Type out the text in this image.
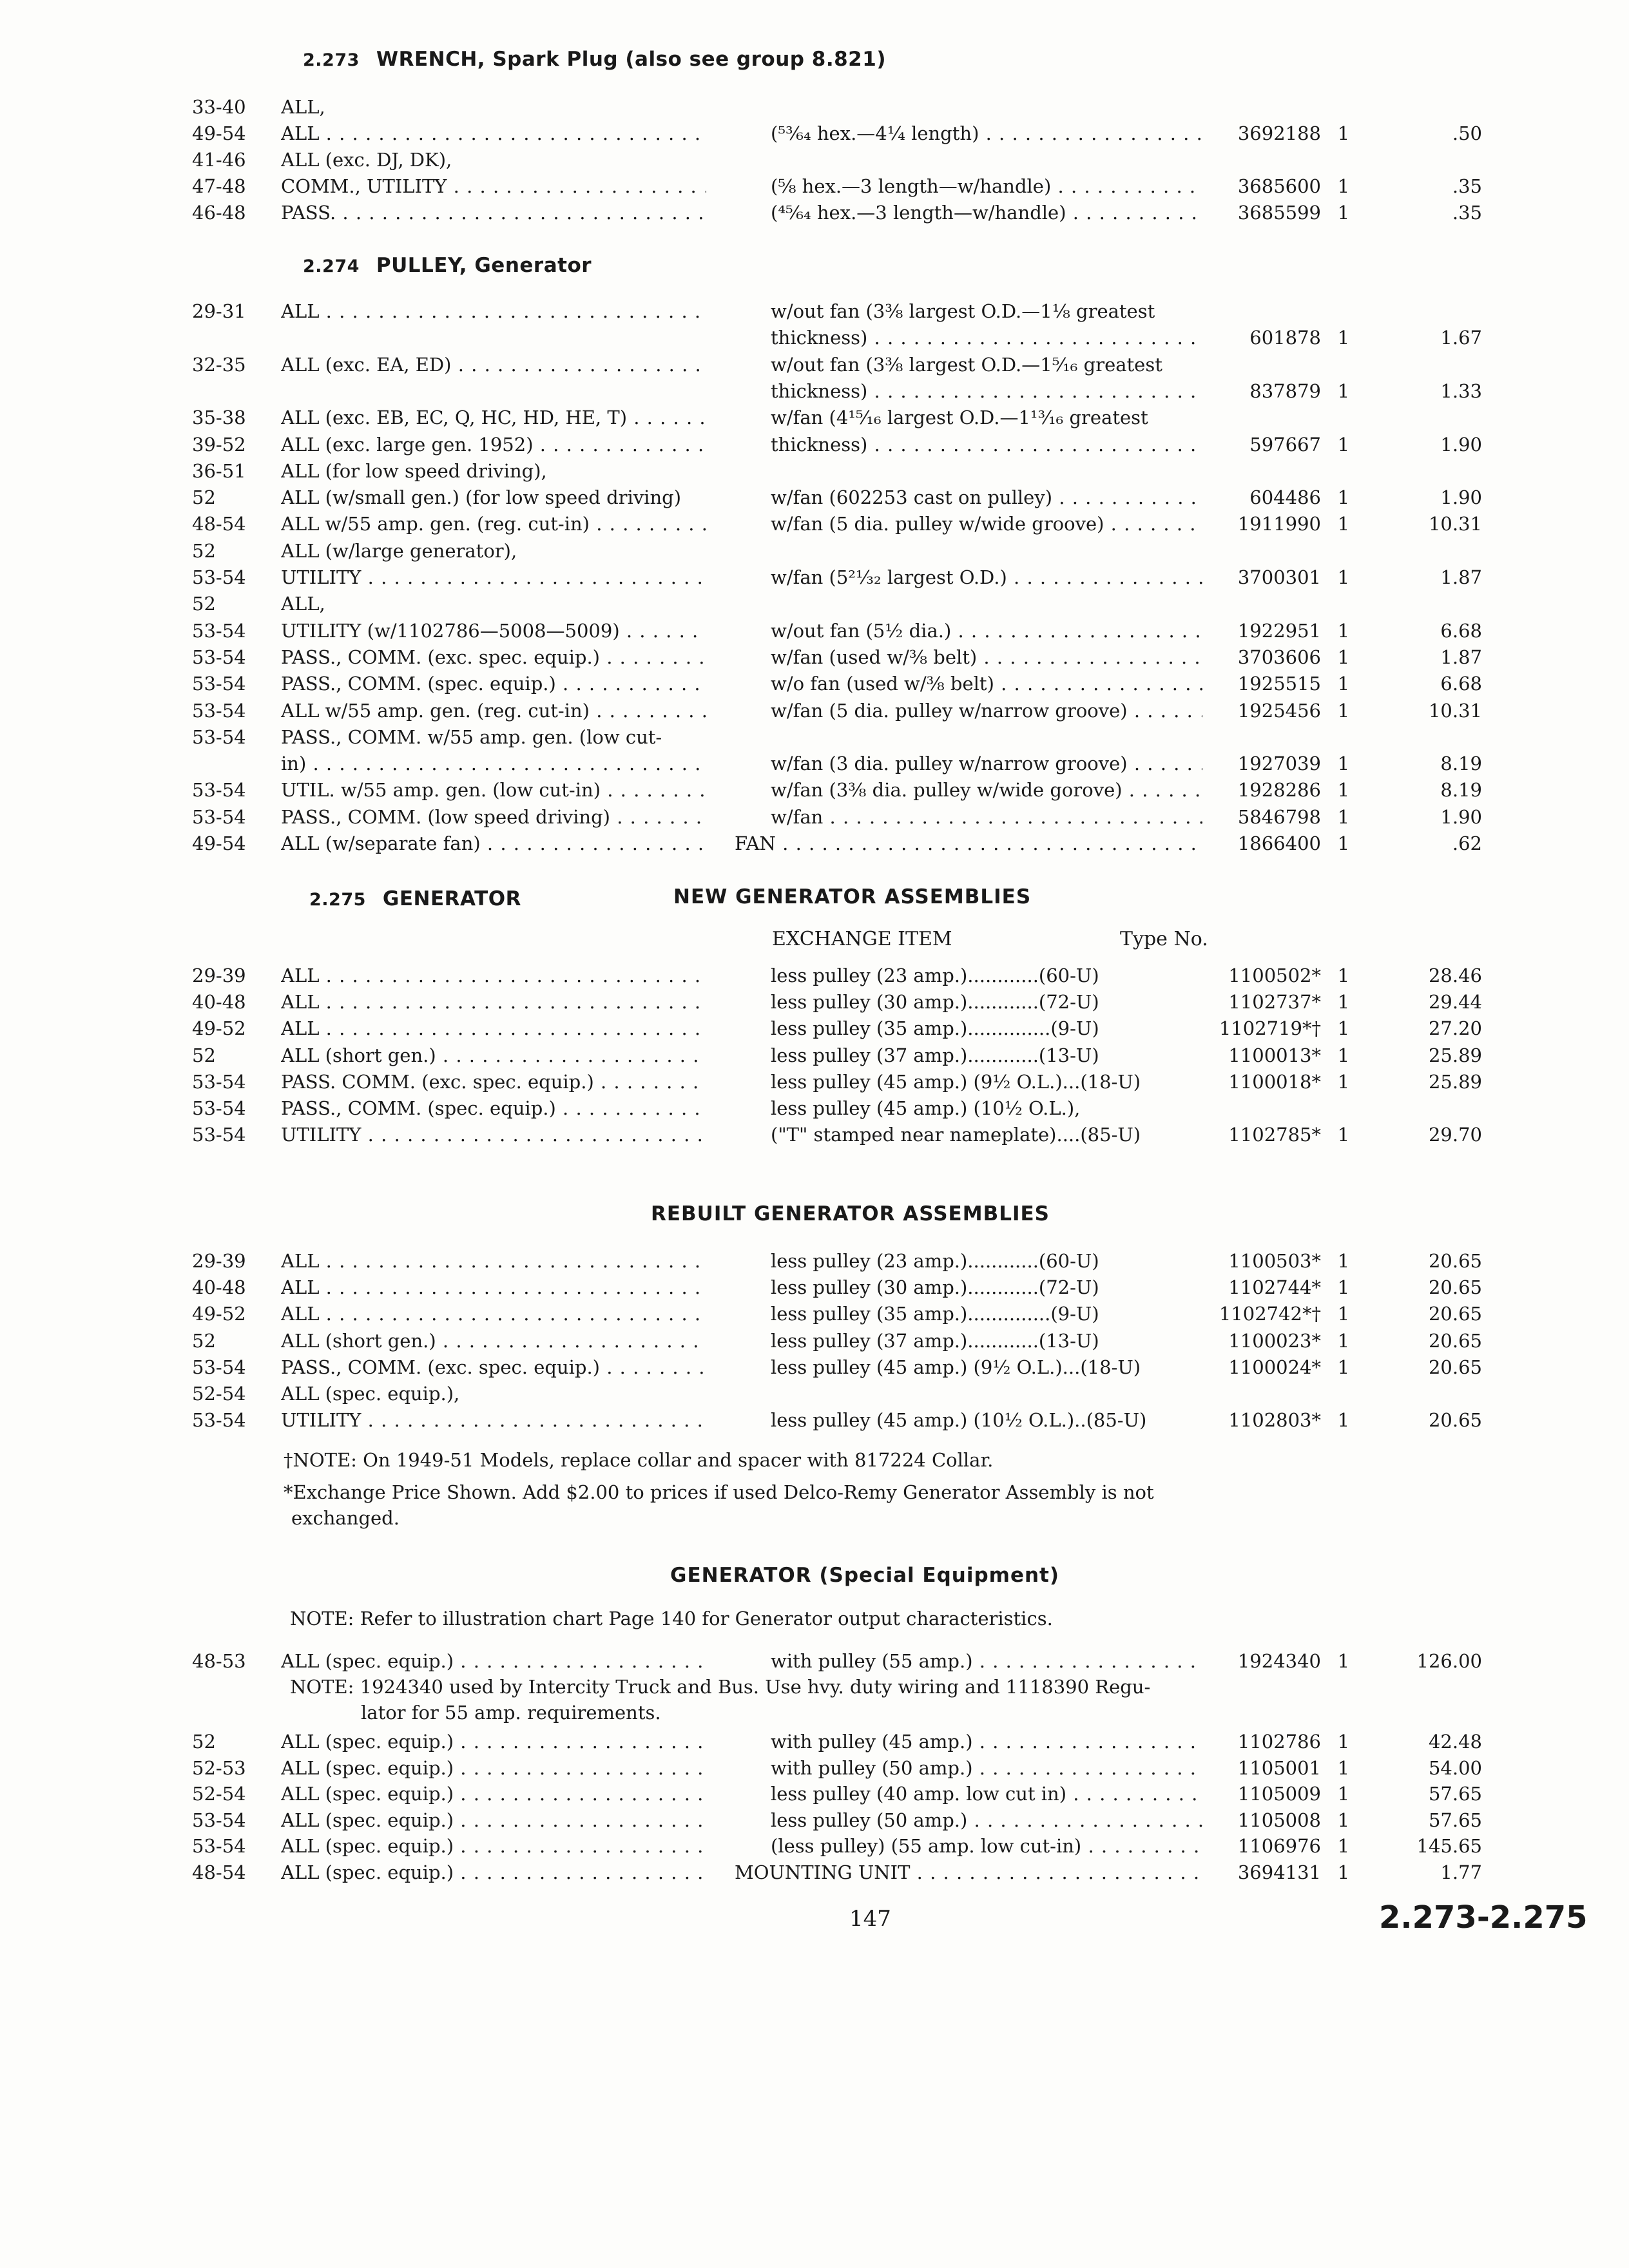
2.273 WRENCH, Spark Plug (also see group 8.821)
33-40	ALL,
49-54	ALL . . .	(⁵³⁄₆₄ hex.—4¼ length) . . .	3692188 1	.50
41-46	ALL (exc. DJ, DK),
47-48	COMM., UTILITY . . .	(⅝ hex.—3 length—w/handle) . . .	3685600 1	.35
46-48	PASS. . . .	(⁴⁵⁄₆₄ hex.—3 length—w/handle) . . .	3685599 1	.35
2.274 PULLEY, Generator
29-31	ALL . . .	w/out fan (3⅜ largest O.D.—1⅛ greatest
thickness) . . .	601878 1	1.67
32-35	ALL (exc. EA, ED) . . .	w/out fan (3⅜ largest O.D.—1⁵⁄₁₆ greatest
thickness) . . .	837879 1	1.33
35-38	ALL (exc. EB, EC, Q, HC, HD, HE, T) . . .	w/fan (4¹⁵⁄₁₆ largest O.D.—1¹³⁄₁₆ greatest
39-52	ALL (exc. large gen. 1952) . . .	thickness) . . .	597667 1	1.90
36-51	ALL (for low speed driving),
52	ALL (w/small gen.) (for low speed driving)	w/fan (602253 cast on pulley) . . .	604486 1	1.90
48-54	ALL w/55 amp. gen. (reg. cut-in) . . .	w/fan (5 dia. pulley w/wide groove) . . .	1911990 1	10.31
52	ALL (w/large generator),
53-54	UTILITY . . .	w/fan (5²¹⁄₃₂ largest O.D.) . . .	3700301 1	1.87
52	ALL,
53-54	UTILITY (w/1102786—5008—5009) . . .	w/out fan (5½ dia.) . . .	1922951 1	6.68
53-54	PASS., COMM. (exc. spec. equip.) . . .	w/fan (used w/⅜ belt) . . .	3703606 1	1.87
53-54	PASS., COMM. (spec. equip.) . . .	w/o fan (used w/⅜ belt) . . .	1925515 1	6.68
53-54	ALL w/55 amp. gen. (reg. cut-in) . . .	w/fan (5 dia. pulley w/narrow groove) . . .	1925456 1	10.31
53-54	PASS., COMM. w/55 amp. gen. (low cut-
in) . . .	w/fan (3 dia. pulley w/narrow groove) . . .	1927039 1	8.19
53-54	UTIL. w/55 amp. gen. (low cut-in) . . .	w/fan (3⅜ dia. pulley w/wide gorove) . . .	1928286 1	8.19
53-54	PASS., COMM. (low speed driving) . . .	w/fan . . .	5846798 1	1.90
49-54	ALL (w/separate fan) . . .	FAN . . .	1866400 1	.62
2.275 GENERATOR	NEW GENERATOR ASSEMBLIES
EXCHANGE ITEM	Type No.
29-39	ALL . . .	less pulley (23 amp.)............(60-U)	1100502* 1	28.46
40-48	ALL . . .	less pulley (30 amp.)............(72-U)	1102737* 1	29.44
49-52	ALL . . .	less pulley (35 amp.)..............(9-U)	1102719*† 1	27.20
52	ALL (short gen.) . . .	less pulley (37 amp.)............(13-U)	1100013* 1	25.89
53-54	PASS. COMM. (exc. spec. equip.) . . .	less pulley (45 amp.) (9½ O.L.)...(18-U)	1100018* 1	25.89
53-54	PASS., COMM. (spec. equip.) . . .	less pulley (45 amp.) (10½ O.L.),
53-54	UTILITY . . .	("T" stamped near nameplate)....(85-U)	1102785* 1	29.70
REBUILT GENERATOR ASSEMBLIES
29-39	ALL . . .	less pulley (23 amp.)............(60-U)	1100503* 1	20.65
40-48	ALL . . .	less pulley (30 amp.)............(72-U)	1102744* 1	20.65
49-52	ALL . . .	less pulley (35 amp.)..............(9-U)	1102742*† 1	20.65
52	ALL (short gen.) . . .	less pulley (37 amp.)............(13-U)	1100023* 1	20.65
53-54	PASS., COMM. (exc. spec. equip.) . . .	less pulley (45 amp.) (9½ O.L.)...(18-U)	1100024* 1	20.65
52-54	ALL (spec. equip.),
53-54	UTILITY . . .	less pulley (45 amp.) (10½ O.L.)..(85-U)	1102803* 1	20.65
†NOTE: On 1949-51 Models, replace collar and spacer with 817224 Collar.
*Exchange Price Shown. Add $2.00 to prices if used Delco-Remy Generator Assembly is not
exchanged.
GENERATOR (Special Equipment)
NOTE: Refer to illustration chart Page 140 for Generator output characteristics.
48-53	ALL (spec. equip.) . . .	with pulley (55 amp.) . . .	1924340 1	126.00
NOTE: 1924340 used by Intercity Truck and Bus. Use hvy. duty wiring and 1118390 Regu-
lator for 55 amp. requirements.
52	ALL (spec. equip.) . . .	with pulley (45 amp.) . . .	1102786 1	42.48
52-53	ALL (spec. equip.) . . .	with pulley (50 amp.) . . .	1105001 1	54.00
52-54	ALL (spec. equip.) . . .	less pulley (40 amp. low cut in) . . .	1105009 1	57.65
53-54	ALL (spec. equip.) . . .	less pulley (50 amp.) . . .	1105008 1	57.65
53-54	ALL (spec. equip.) . . .	(less pulley) (55 amp. low cut-in) . . .	1106976 1	145.65
48-54	ALL (spec. equip.) . . .	MOUNTING UNIT . . .	3694131 1	1.77
147	2.273-2.275
